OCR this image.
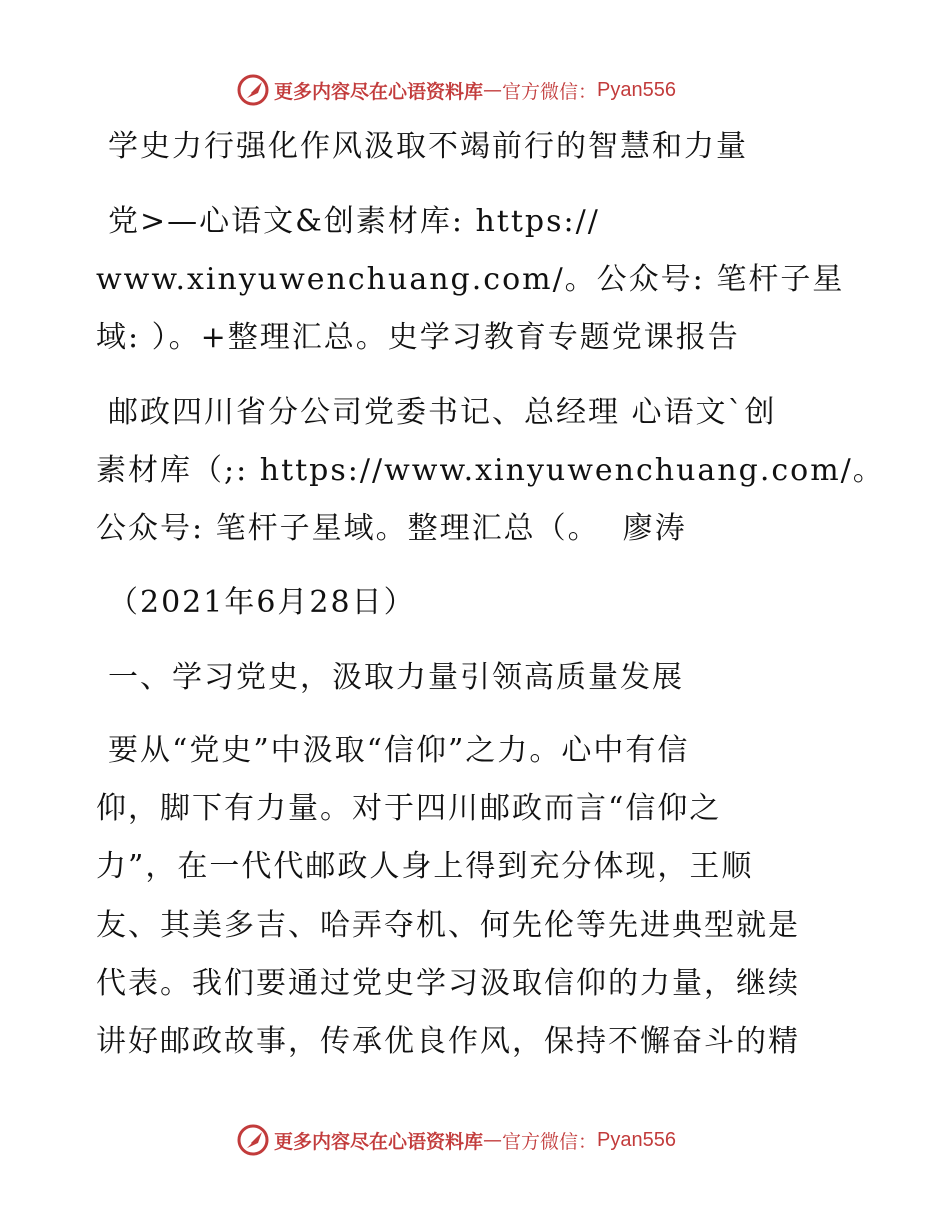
更多内容尽在心语资料库 — 官方微信： Pyan556
学史力行强化作风汲取不竭前行的智慧和力量
党>—心语文&创素材库: https://
www.xinyuwenchuang.com/。公众号: 笔杆子星
域: ）。+整理汇总。史学习教育专题党课报告
邮政四川省分公司党委书记、总经理 心语文`创
素材库（;: https://www.xinyuwenchuang.com/。
公众号: 笔杆子星域。整理汇总（。  廖涛
（2021年6月28日）
一、学习党史，汲取力量引领高质量发展
要从“党史”中汲取“信仰”之力。心中有信
仰，脚下有力量。对于四川邮政而言“信仰之
力”，在一代代邮政人身上得到充分体现，王顺
友、其美多吉、哈弄夺机、何先伦等先进典型就是
代表。我们要通过党史学习汲取信仰的力量，继续
讲好邮政故事，传承优良作风，保持不懈奋斗的精
更多内容尽在心语资料库 — 官方微信： Pyan556
